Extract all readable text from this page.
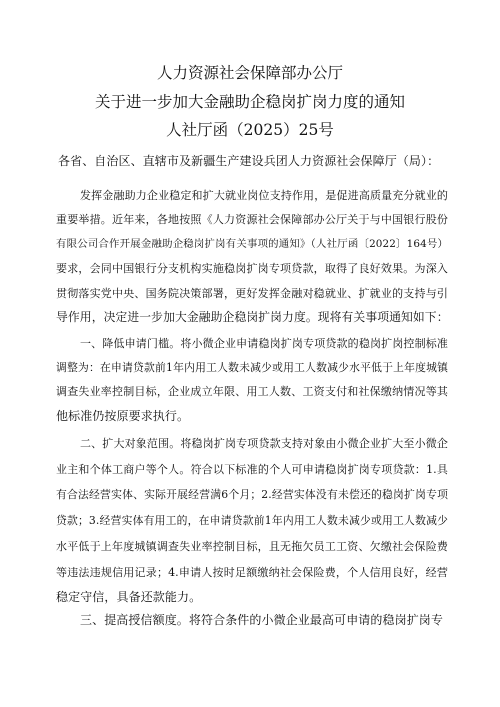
人力资源社会保障部办公厅
关于进一步加大金融助企稳岗扩岗力度的通知
人社厅函（2025）25号
各省、自治区、直辖市及新疆生产建设兵团人力资源社会保障厅（局）：
发挥金融助力企业稳定和扩大就业岗位支持作用，是促进高质量充分就业的
重要举措。近年来，各地按照《人力资源社会保障部办公厅关于与中国银行股份
有限公司合作开展金融助企稳岗扩岗有关事项的通知》（人社厅函〔2022〕164号）
要求，会同中国银行分支机构实施稳岗扩岗专项贷款，取得了良好效果。为深入
贯彻落实党中央、国务院决策部署，更好发挥金融对稳就业、扩就业的支持与引
导作用，决定进一步加大金融助企稳岗扩岗力度。现将有关事项通知如下：
一、降低申请门槛。将小微企业申请稳岗扩岗专项贷款的稳岗扩岗控制标准
调整为：在申请贷款前1年内用工人数未减少或用工人数减少水平低于上年度城镇
调查失业率控制目标，企业成立年限、用工人数、工资支付和社保缴纳情况等其
他标准仍按原要求执行。
二、扩大对象范围。将稳岗扩岗专项贷款支持对象由小微企业扩大至小微企
业主和个体工商户等个人。符合以下标准的个人可申请稳岗扩岗专项贷款：1.具
有合法经营实体、实际开展经营满6个月；2.经营实体没有未偿还的稳岗扩岗专项
贷款；3.经营实体有用工的，在申请贷款前1年内用工人数未减少或用工人数减少
水平低于上年度城镇调查失业率控制目标，且无拖欠员工工资、欠缴社会保险费
等违法违规信用记录；4.申请人按时足额缴纳社会保险费，个人信用良好，经营
稳定守信，具备还款能力。
三、提高授信额度。将符合条件的小微企业最高可申请的稳岗扩岗专
